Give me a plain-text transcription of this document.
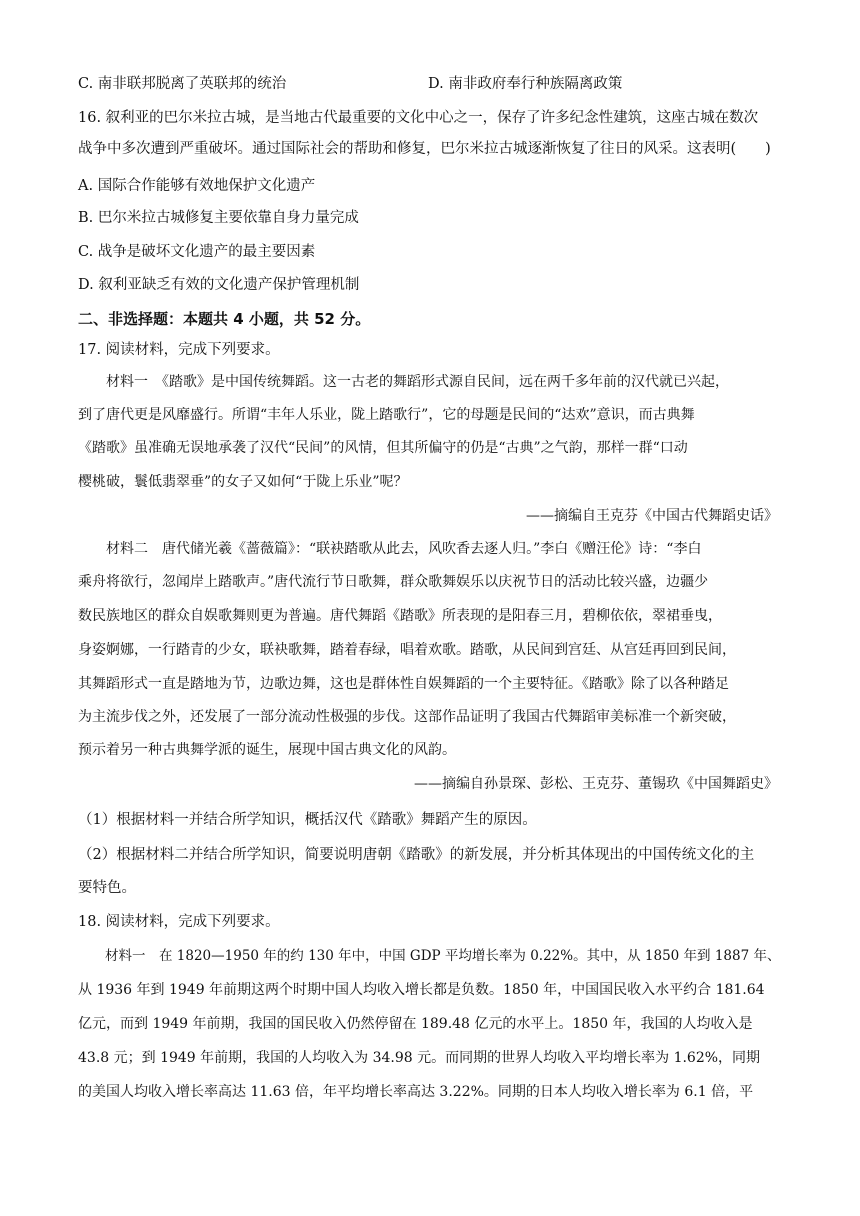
C. 南非联邦脱离了英联邦的统治	D. 南非政府奉行种族隔离政策
16. 叙利亚的巴尔米拉古城，是当地古代最重要的文化中心之一，保存了许多纪念性建筑，这座古城在数次
战争中多次遭到严重破坏。通过国际社会的帮助和修复，巴尔米拉古城逐渐恢复了往日的风采。这表明(　　)
A. 国际合作能够有效地保护文化遗产
B. 巴尔米拉古城修复主要依靠自身力量完成
C. 战争是破坏文化遗产的最主要因素
D. 叙利亚缺乏有效的文化遗产保护管理机制
二、非选择题：本题共 4 小题，共 52 分。
17. 阅读材料，完成下列要求。
　　材料一　《踏歌》是中国传统舞蹈。这一古老的舞蹈形式源自民间，远在两千多年前的汉代就已兴起，
到了唐代更是风靡盛行。所谓“丰年人乐业，陇上踏歌行”，它的母题是民间的“达欢”意识，而古典舞
《踏歌》虽准确无误地承袭了汉代“民间”的风情，但其所偏守的仍是“古典”之气韵，那样一群“口动
樱桃破，鬟低翡翠垂”的女子又如何“于陇上乐业”呢？
——摘编自王克芬《中国古代舞蹈史话》
　　材料二　唐代储光羲《蔷薇篇》：“联袂踏歌从此去，风吹香去逐人归。”李白《赠汪伦》诗：“李白
乘舟将欲行，忽闻岸上踏歌声。”唐代流行节日歌舞，群众歌舞娱乐以庆祝节日的活动比较兴盛，边疆少
数民族地区的群众自娱歌舞则更为普遍。唐代舞蹈《踏歌》所表现的是阳春三月，碧柳依依，翠裙垂曳，
身姿婀娜，一行踏青的少女，联袂歌舞，踏着春绿，唱着欢歌。踏歌，从民间到宫廷、从宫廷再回到民间，
其舞蹈形式一直是踏地为节，边歌边舞，这也是群体性自娱舞蹈的一个主要特征。《踏歌》除了以各种踏足
为主流步伐之外，还发展了一部分流动性极强的步伐。这部作品证明了我国古代舞蹈审美标准一个新突破，
预示着另一种古典舞学派的诞生，展现中国古典文化的风韵。
——摘编自孙景琛、彭松、王克芬、董锡玖《中国舞蹈史》
（1）根据材料一并结合所学知识，概括汉代《踏歌》舞蹈产生的原因。
（2）根据材料二并结合所学知识，简要说明唐朝《踏歌》的新发展，并分析其体现出的中国传统文化的主
要特色。
18. 阅读材料，完成下列要求。
　　材料一　在 1820—1950 年的约 130 年中，中国 GDP 平均增长率为 0.22%。其中，从 1850 年到 1887 年、
从 1936 年到 1949 年前期这两个时期中国人均收入增长都是负数。1850 年，中国国民收入水平约合 181.64
亿元，而到 1949 年前期，我国的国民收入仍然停留在 189.48 亿元的水平上。1850 年，我国的人均收入是
43.8 元；到 1949 年前期，我国的人均收入为 34.98 元。而同期的世界人均收入平均增长率为 1.62%，同期
的美国人均收入增长率高达 11.63 倍，年平均增长率高达 3.22%。同期的日本人均收入增长率为 6.1 倍，平
